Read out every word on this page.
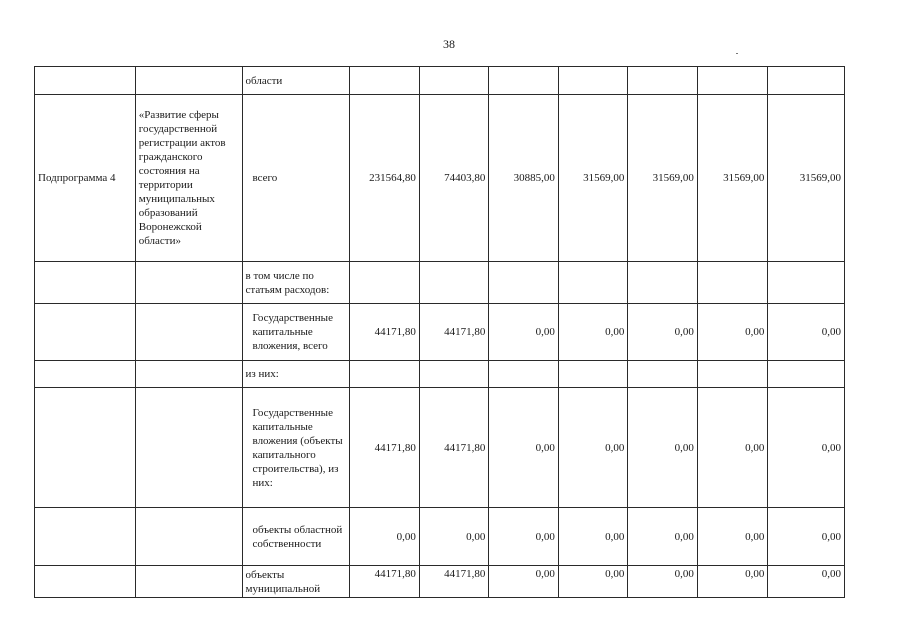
38
		области							
Подпрограмма 4	«Развитие сферы государственной регистрации актов гражданского состояния на территории муниципальных образований Воронежской области»	всего	231564,80	74403,80	30885,00	31569,00	31569,00	31569,00	31569,00
		в том числе по статьям расходов:							
		Государственные капитальные вложения, всего	44171,80	44171,80	0,00	0,00	0,00	0,00	0,00
		из них:							
		Государственные капитальные вложения (объекты капитального строительства), из них:	44171,80	44171,80	0,00	0,00	0,00	0,00	0,00
		объекты областной собственности	0,00	0,00	0,00	0,00	0,00	0,00	0,00
		объекты муниципальной	44171,80	44171,80	0,00	0,00	0,00	0,00	0,00
